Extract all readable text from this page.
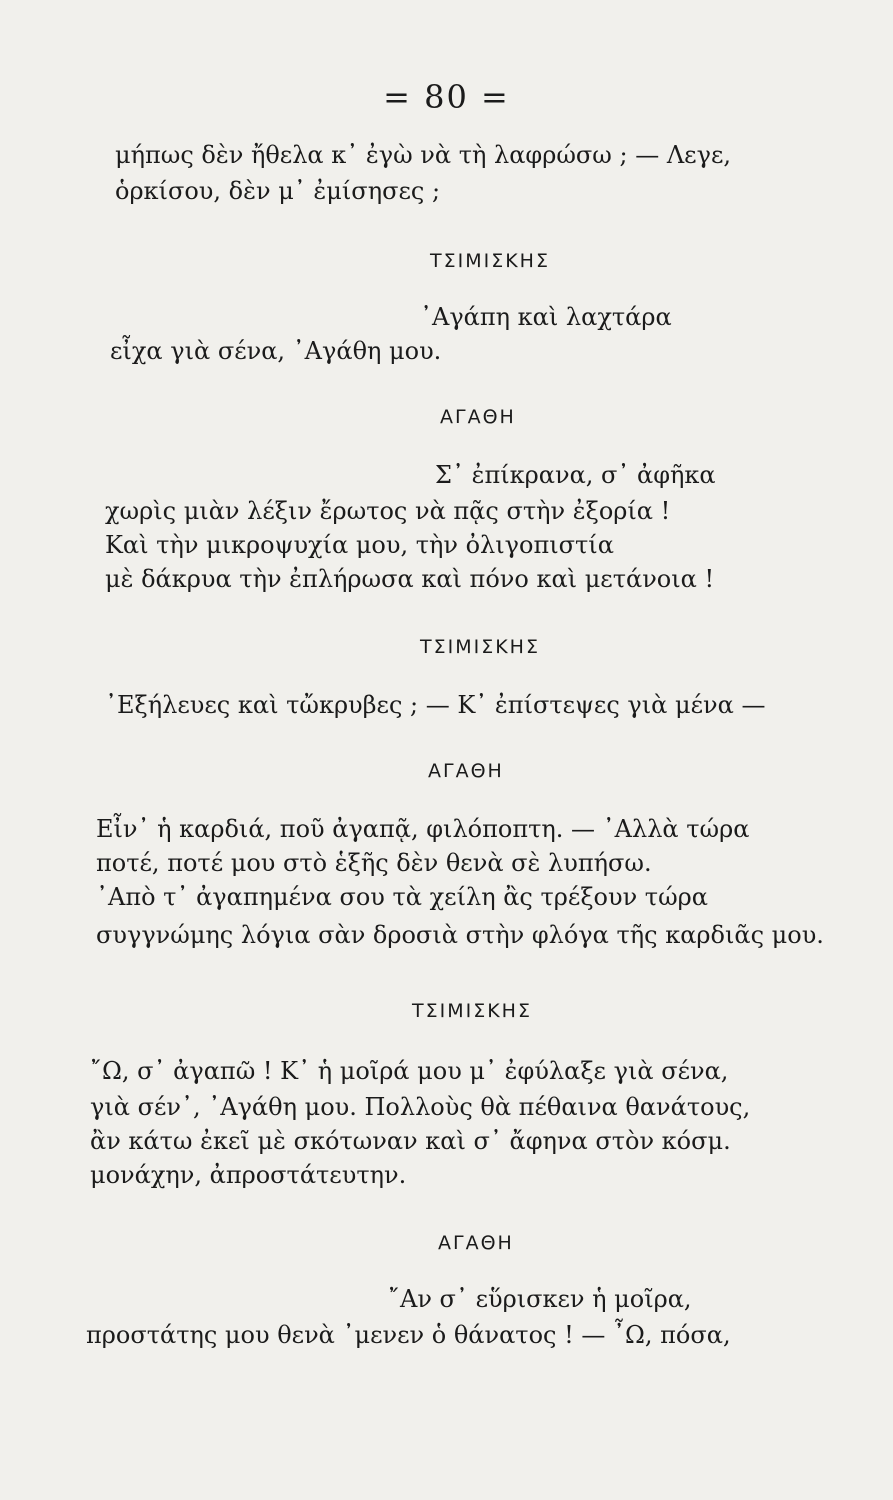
= 80 =
μήπως δὲν ἤθελα κ᾿ ἐγὼ νὰ τὴ λαφρώσω ; — Λεγε,
ὁρκίσου, δὲν μ᾿ ἐμίσησες ;
ΤΣΙΜΙΣΚΗΣ
᾿Αγάπη καὶ λαχτάρα
εἶχα γιὰ σένα, ᾿Αγάθη μου.
ΑΓΑΘΗ
Σ᾿ ἐπίκρανα, σ᾿ ἀφῆκα
χωρὶς μιὰν λέξιν ἔρωτος νὰ πᾷς στὴν ἐξορία !
Καὶ τὴν μικροψυχία μου, τὴν ὀλιγοπιστία
μὲ δάκρυα τὴν ἐπλήρωσα καὶ πόνο καὶ μετάνοια !
ΤΣΙΜΙΣΚΗΣ
᾿Εξήλευες καὶ τὤκρυβες ; — Κ᾿ ἐπίστεψες γιὰ μένα —
ΑΓΑΘΗ
Εἶν᾿ ἡ καρδιά, ποῦ ἀγαπᾷ, φιλόποπτη. — ᾿Αλλὰ τώρα
ποτέ, ποτέ μου στὸ ἑξῆς δὲν θενὰ σὲ λυπήσω.
᾿Απὸ τ᾿ ἀγαπημένα σου τὰ χείλη ἂς τρέξουν τώρα
συγγνώμης λόγια σὰν δροσιὰ στὴν φλόγα τῆς καρδιᾶς μου.
ΤΣΙΜΙΣΚΗΣ
῎Ω, σ᾿ ἀγαπῶ ! Κ᾿ ἡ μοῖρά μου μ᾿ ἐφύλαξε γιὰ σένα,
γιὰ σέν᾿, ᾿Αγάθη μου. Πολλοὺς θὰ πέθαινα θανάτους,
ἂν κάτω ἐκεῖ μὲ σκότωναν καὶ σ᾿ ἄφηνα στὸν κόσμ.
μονάχην, ἀπροστάτευτην.
ΑΓΑΘΗ
῎Αν σ᾿ εὕρισκεν ἡ μοῖρα,
προστάτης μου θενὰ ᾿μενεν ὁ θάνατος ! — ῏Ω, πόσα,
